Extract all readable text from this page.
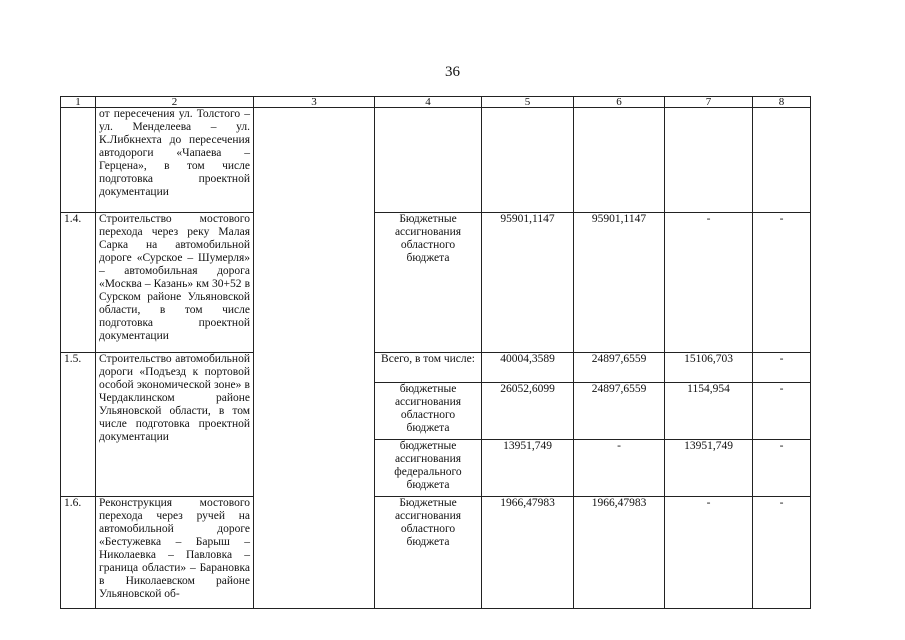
36
1	2	3	4	5	6	7	8
	от пересечения ул. Толстого – ул. Менделеева – ул. К.Либкнехта до пересечения автодороги «Чапаева – Герцена», в том числе подготовка проектной документации						
1.4.	Строительство мостового перехода через реку Малая Сарка на автомобильной дороге «Сурское – Шумерля» – автомобильная дорога «Москва – Казань» км 30+52 в Сурском районе Ульяновской области, в том числе подготовка проектной документации		Бюджетные ассигнования областного бюджета	95901,1147	95901,1147	-	-
1.5.	Строительство автомобильной дороги «Подъезд к портовой особой экономической зоне» в Чердаклинском районе Ульяновской области, в том числе подготовка проектной документации		Всего, в том числе:	40004,3589	24897,6559	15106,703	-
			бюджетные ассигнования областного бюджета	26052,6099	24897,6559	1154,954	-
			бюджетные ассигнования федерального бюджета	13951,749	-	13951,749	-
1.6.	Реконструкция мостового перехода через ручей на автомобильной дороге «Бестужевка – Барыш – Николаевка – Павловка – граница области» – Барановка в Николаевском районе Ульяновской об-		Бюджетные ассигнования областного бюджета	1966,47983	1966,47983	-	-
